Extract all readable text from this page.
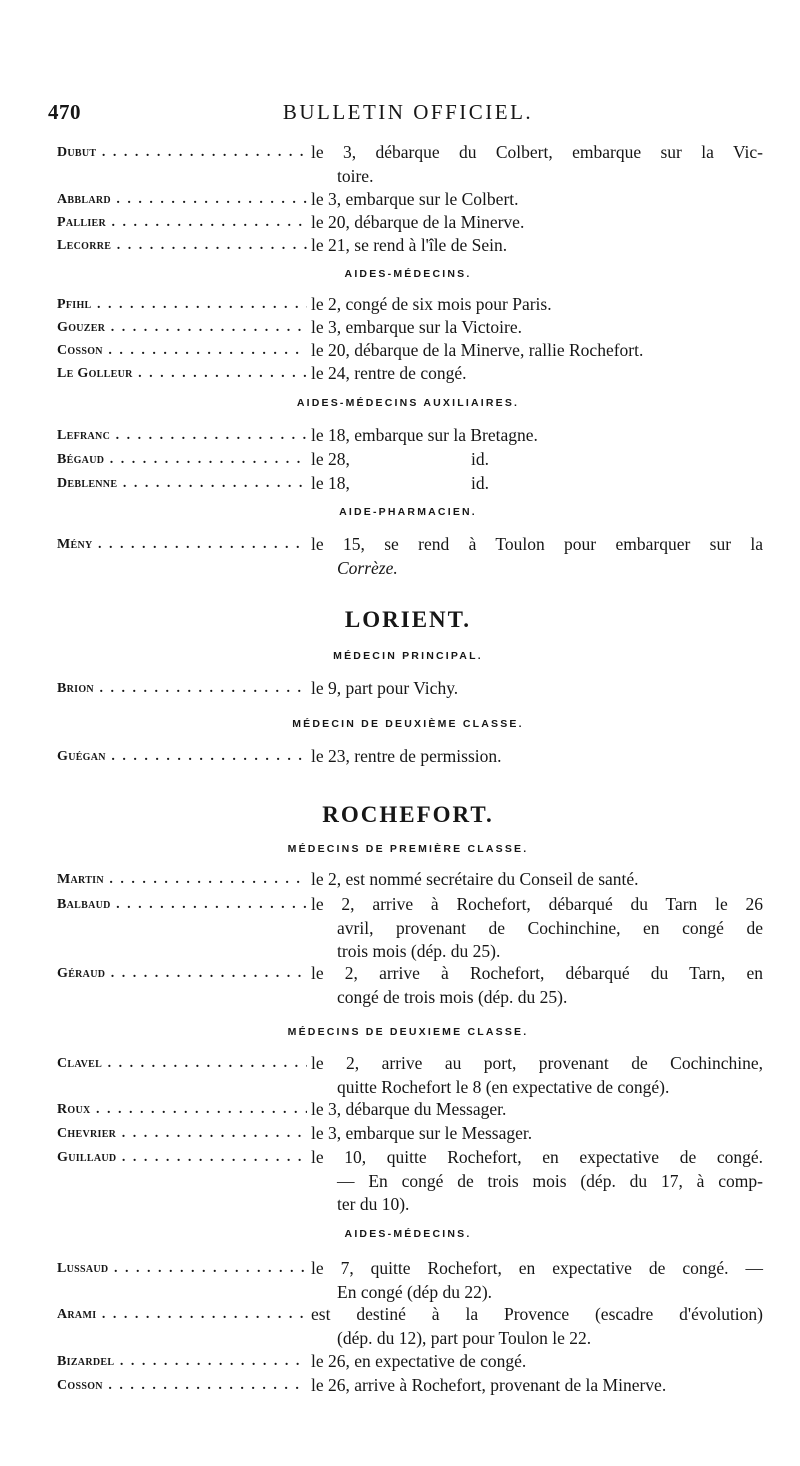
470	BULLETIN OFFICIEL.
Dubut . . .	le 3, débarque du Colbert, embarque sur la Vic-
toire.
Abblard . . .	le 3, embarque sur le Colbert.
Pallier . . .	le 20, débarque de la Minerve.
Lecorre . . .	le 21, se rend à l'île de Sein.
AIDES-MÉDECINS.
Pfihl . . .	le 2, congé de six mois pour Paris.
Gouzer . . .	le 3, embarque sur la Victoire.
Cosson . . .	le 20, débarque de la Minerve, rallie Rochefort.
Le Golleur . . .	le 24, rentre de congé.
AIDES-MÉDECINS AUXILIAIRES.
Lefranc . . .	le 18, embarque sur la Bretagne.
Bégaud . . .	le 28,	id.
Deblenne . . .	le 18,	id.
AIDE-PHARMACIEN.
Mény . . .	le 15, se rend à Toulon pour embarquer sur la
Corrèze.
LORIENT.
MÉDECIN PRINCIPAL.
Brion . . .	le 9, part pour Vichy.
MÉDECIN DE DEUXIÈME CLASSE.
Guégan . . .	le 23, rentre de permission.
ROCHEFORT.
MÉDECINS DE PREMIÈRE CLASSE.
Martin . . .	le 2, est nommé secrétaire du Conseil de santé.
Balbaud . . .	le 2, arrive à Rochefort, débarqué du Tarn le 26
avril, provenant de Cochinchine, en congé de
trois mois (dép. du 25).
Géraud . . .	le 2, arrive à Rochefort, débarqué du Tarn, en
congé de trois mois (dép. du 25).
MÉDECINS DE DEUXIEME CLASSE.
Clavel . . .	le 2, arrive au port, provenant de Cochinchine,
quitte Rochefort le 8 (en expectative de congé).
Roux . . .	le 3, débarque du Messager.
Chevrier . . .	le 3, embarque sur le Messager.
Guillaud . . .	le 10, quitte Rochefort, en expectative de congé.
— En congé de trois mois (dép. du 17, à comp-
ter du 10).
AIDES-MÉDECINS.
Lussaud . . .	le 7, quitte Rochefort, en expectative de congé. —
En congé (dép du 22).
Arami . . .	est destiné à la Provence (escadre d'évolution)
(dép. du 12), part pour Toulon le 22.
Bizardel . . .	le 26, en expectative de congé.
Cosson . . .	le 26, arrive à Rochefort, provenant de la Minerve.
